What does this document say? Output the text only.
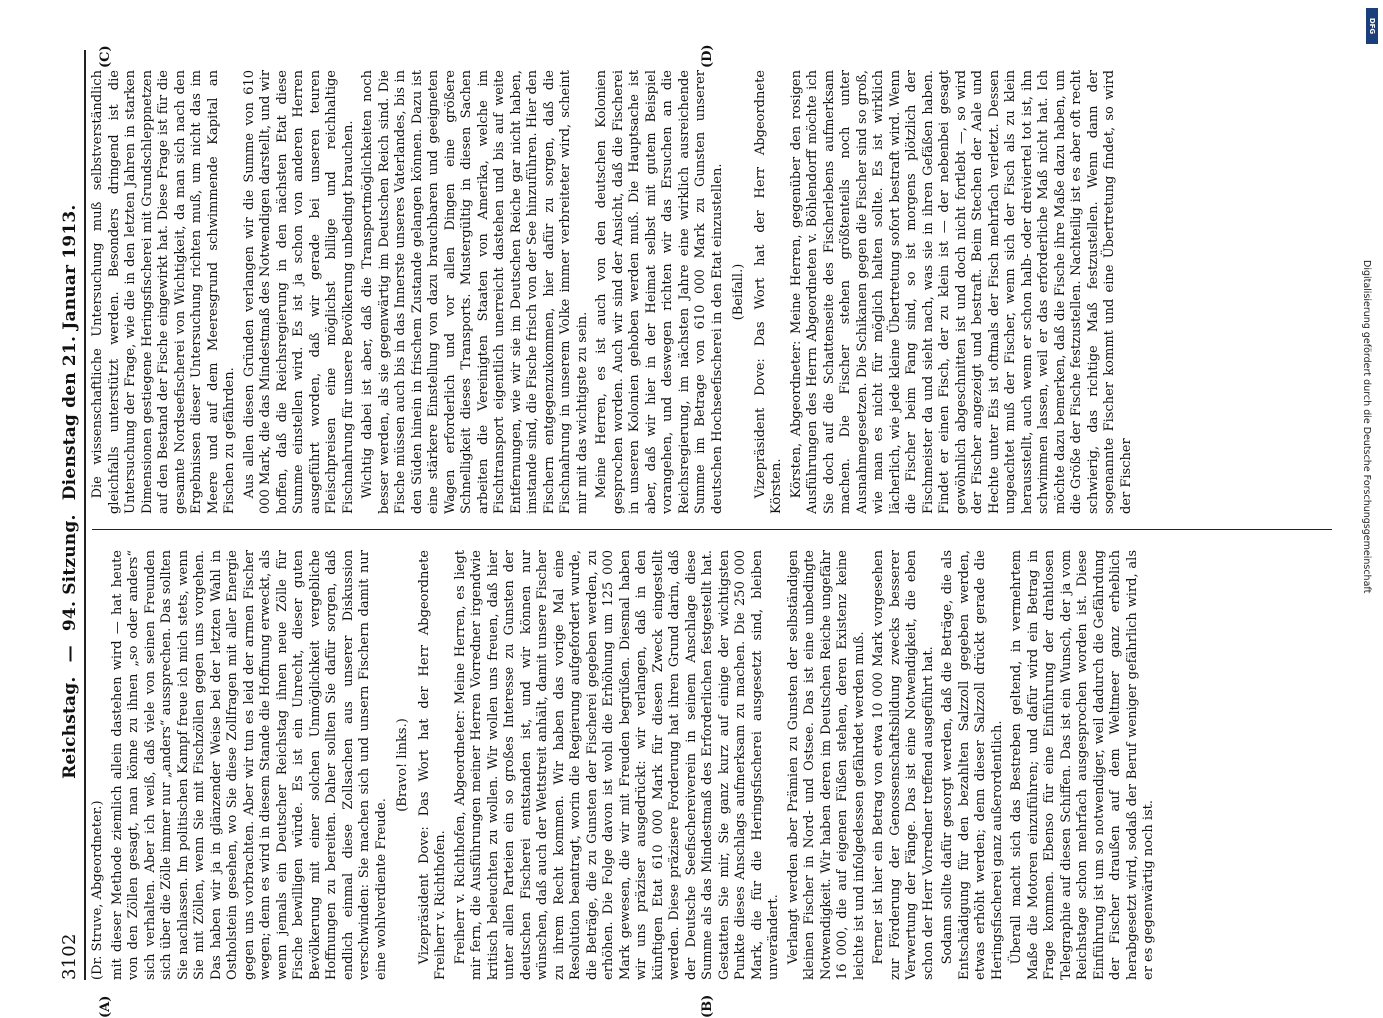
3102
Reichstag. — 94. Sitzung. Dienstag den 21. Januar 1913.

(Dr. Struve, Abgeordneter.) mit dieser Methode ziemlich allein dastehen wird — hat heute von den Zöllen gesagt, man könne zu ihnen „so oder anders“ sich verhalten. Aber ich weiß, daß viele von seinen Freunden sich über die Zölle immer nur „anders“ aussprechen. Das sollten Sie nachlassen. Im politischen Kampf freue ich mich stets, wenn Sie mit Zöllen, wenn Sie mit Fischzöllen gegen uns vorgehen. Das haben wir ja in glänzender Weise bei der letzten Wahl in Ostholstein gesehen, wo Sie diese Zollfragen mit aller Energie gegen uns vorbrachten. Aber wir tun es leid der armen Fischer wegen; denn es wird in diesem Stande die Hoffnung erweckt, als wenn jemals ein Deutscher Reichstag ihnen neue Zölle für Fische bewilligen würde. Es ist ein Unrecht, dieser guten Bevölkerung mit einer solchen Unmöglichkeit vergebliche Hoffnungen zu bereiten. Daher sollten Sie dafür sorgen, daß endlich einmal diese Zollsachen aus unserer Diskussion verschwinden: Sie machen sich und unsern Fischern damit nur eine wohlverdiente Freude.

(Bravo! links.) Vizepräsident Dove: Das Wort hat der Herr Abgeordnete Freiherr v. Richthofen. Freiherr v. Richthofen, Abgeordneter: Meine Herren, es liegt mir fern, die Ausführungen meiner Herren Vorredner irgendwie kritisch beleuchten zu wollen. Wir wollen uns freuen, daß hier unter allen Parteien ein so großes Interesse zu Gunsten der deutschen Fischerei entstanden ist, und wir können nur wünschen, daß auch der Wettstreit anhält, damit unsere Fischer zu ihrem Recht kommen. Wir haben das vorige Mal eine Resolution beantragt, worin die Regierung aufgefordert wurde, die Beträge, die zu Gunsten der Fischerei gegeben werden, zu erhöhen. Die Folge davon ist wohl die Erhöhung um 125 000 Mark gewesen, die wir mit Freuden begrüßen. Diesmal haben wir uns präziser ausgedrückt: wir verlangen, daß in den künftigen Etat 610 000 Mark für diesen Zweck eingestellt werden. Diese präzisere Forderung hat ihren Grund darin, daß der Deutsche Seefischereiverein in seinem Anschlage diese Summe als das Mindestmaß des Erforderlichen festgestellt hat. Gestatten Sie mir, Sie ganz kurz auf einige der wichtigsten Punkte dieses Anschlags aufmerksam zu machen. Die 250 000 Mark, die für die Heringsfischerei ausgesetzt sind, bleiben unverändert. Verlangt werden aber Prämien zu Gunsten der selbständigen kleinen Fischer in Nord- und Ostsee. Das ist eine unbedingte Notwendigkeit. Wir haben deren im Deutschen Reiche ungefähr 16 000, die auf eigenen Füßen stehen, deren Existenz keine leichte ist und infolgedessen gefährdet werden muß. Ferner ist hier ein Betrag von etwa 10 000 Mark vorgesehen zur Förderung der Genossenschaftsbildung zwecks besserer Verwertung der Fänge. Das ist eine Notwendigkeit, die eben schon der Herr Vorredner treffend ausgeführt hat. Sodann sollte dafür gesorgt werden, daß die Beträge, die als Entschädigung für den bezahlten Salzzoll gegeben werden, etwas erhöht werden; denn dieser Salzzoll drückt gerade die Heringsfischerei ganz außerordentlich. Überall macht sich das Bestreben geltend, in vermehrtem Maße die Motoren einzuführen; und dafür wird ein Betrag in Frage kommen. Ebenso für eine Einführung der drahtlosen Telegraphie auf diesen Schiffen. Das ist ein Wunsch, der ja vom Reichstage schon mehrfach ausgesprochen worden ist. Diese Einführung ist um so notwendiger, weil dadurch die Gefährdung der Fischer draußen auf dem Weltmeer ganz erheblich herabgesetzt wird, sodaß der Beruf weniger gefährlich wird, als er es gegenwärtig noch ist.

Die wissenschaftliche Untersuchung muß selbstverständlich gleichfalls unterstützt werden. Besonders dringend ist die Untersuchung der Frage, wie die in den letzten Jahren in starken Dimensionen gestiegene Heringsfischerei mit Grundschleppnetzen auf den Bestand der Fische eingewirkt hat. Diese Frage ist für die gesamte Nordseefischerei von Wichtigkeit, da man sich nach den Ergebnissen dieser Untersuchung richten muß, um nicht das im Meere und auf dem Meeresgrund schwimmende Kapital an Fischen zu gefährden. Aus allen diesen Gründen verlangen wir die Summe von 610 000 Mark, die das Mindestmaß des Notwendigen darstellt, und wir hoffen, daß die Reichsregierung in den nächsten Etat diese Summe einstellen wird. Es ist ja schon von anderen Herren ausgeführt worden, daß wir gerade bei unseren teuren Fleischpreisen eine möglichst billige und reichhaltige Fischnahrung für unsere Bevölkerung unbedingt brauchen. Wichtig dabei ist aber, daß die Transportmöglichkeiten noch besser werden, als sie gegenwärtig im Deutschen Reich sind. Die Fische müssen auch bis in das Innerste unseres Vaterlandes, bis in den Süden hinein in frischem Zustande gelangen können. Dazu ist eine stärkere Einstellung von dazu brauchbaren und geeigneten Wagen erforderlich und vor allen Dingen eine größere Schnelligkeit dieses Transports. Mustergültig in diesen Sachen arbeiten die Vereinigten Staaten von Amerika, welche im Fischtransport eigentlich unerreicht dastehen und bis auf weite Entfernungen, wie wir sie im Deutschen Reiche gar nicht haben, imstande sind, die Fische frisch von der See hinzuführen. Hier den Fischern entgegenzukommen, hier dafür zu sorgen, daß die Fischnahrung in unserem Volke immer verbreiteter wird, scheint mir mit das wichtigste zu sein. Meine Herren, es ist auch von den deutschen Kolonien gesprochen worden. Auch wir sind der Ansicht, daß die Fischerei in unseren Kolonien gehoben werden muß. Die Hauptsache ist aber, daß wir hier in der Heimat selbst mit gutem Beispiel vorangehen, und deswegen richten wir das Ersuchen an die Reichsregierung, im nächsten Jahre eine wirklich ausreichende Summe im Betrage von 610 000 Mark zu Gunsten unserer deutschen Hochseefischerei in den Etat einzustellen. (Beifall.) Vizepräsident Dove: Das Wort hat der Herr Abgeordnete Körsten. Körsten, Abgeordneter: Meine Herren, gegenüber den rosigen Ausführungen des Herrn Abgeordneten v. Böhlendorff möchte ich Sie doch auf die Schattenseite des Fischerlebens aufmerksam machen. Die Fischer stehen größtenteils noch unter Ausnahmegesetzen. Die Schikanen gegen die Fischer sind so groß, wie man es nicht für möglich halten sollte. Es ist wirklich lächerlich, wie jede kleine Übertretung sofort bestraft wird. Wenn die Fischer beim Fang sind, so ist morgens plötzlich der Fischmeister da und sieht nach, was sie in ihren Gefäßen haben. Findet er einen Fisch, der zu klein ist — der nebenbei gesagt gewöhnlich abgeschnitten ist und doch nicht fortlebt —, so wird der Fischer angezeigt und bestraft. Beim Stechen der Aale und Hechte unter Eis ist oftmals der Fisch mehrfach verletzt. Dessen ungeachtet muß der Fischer, wenn sich der Fisch als zu klein herausstellt, auch wenn er schon halb- oder dreiviertel tot ist, ihn schwimmen lassen, weil er das erforderliche Maß nicht hat. Ich möchte dazu bemerken, daß die Fische ihre Maße dazu haben, um die Größe der Fische festzustellen. Nachteilig ist es aber oft recht schwierig, das richtige Maß festzustellen. Wenn dann der sogenannte Fischer kommt und eine Übertretung findet, so wird der Fischer

(A)	(B)
(C)	(D)
DFG
Digitalisierung gefördert durch die Deutsche Forschungsgemeinschaft
